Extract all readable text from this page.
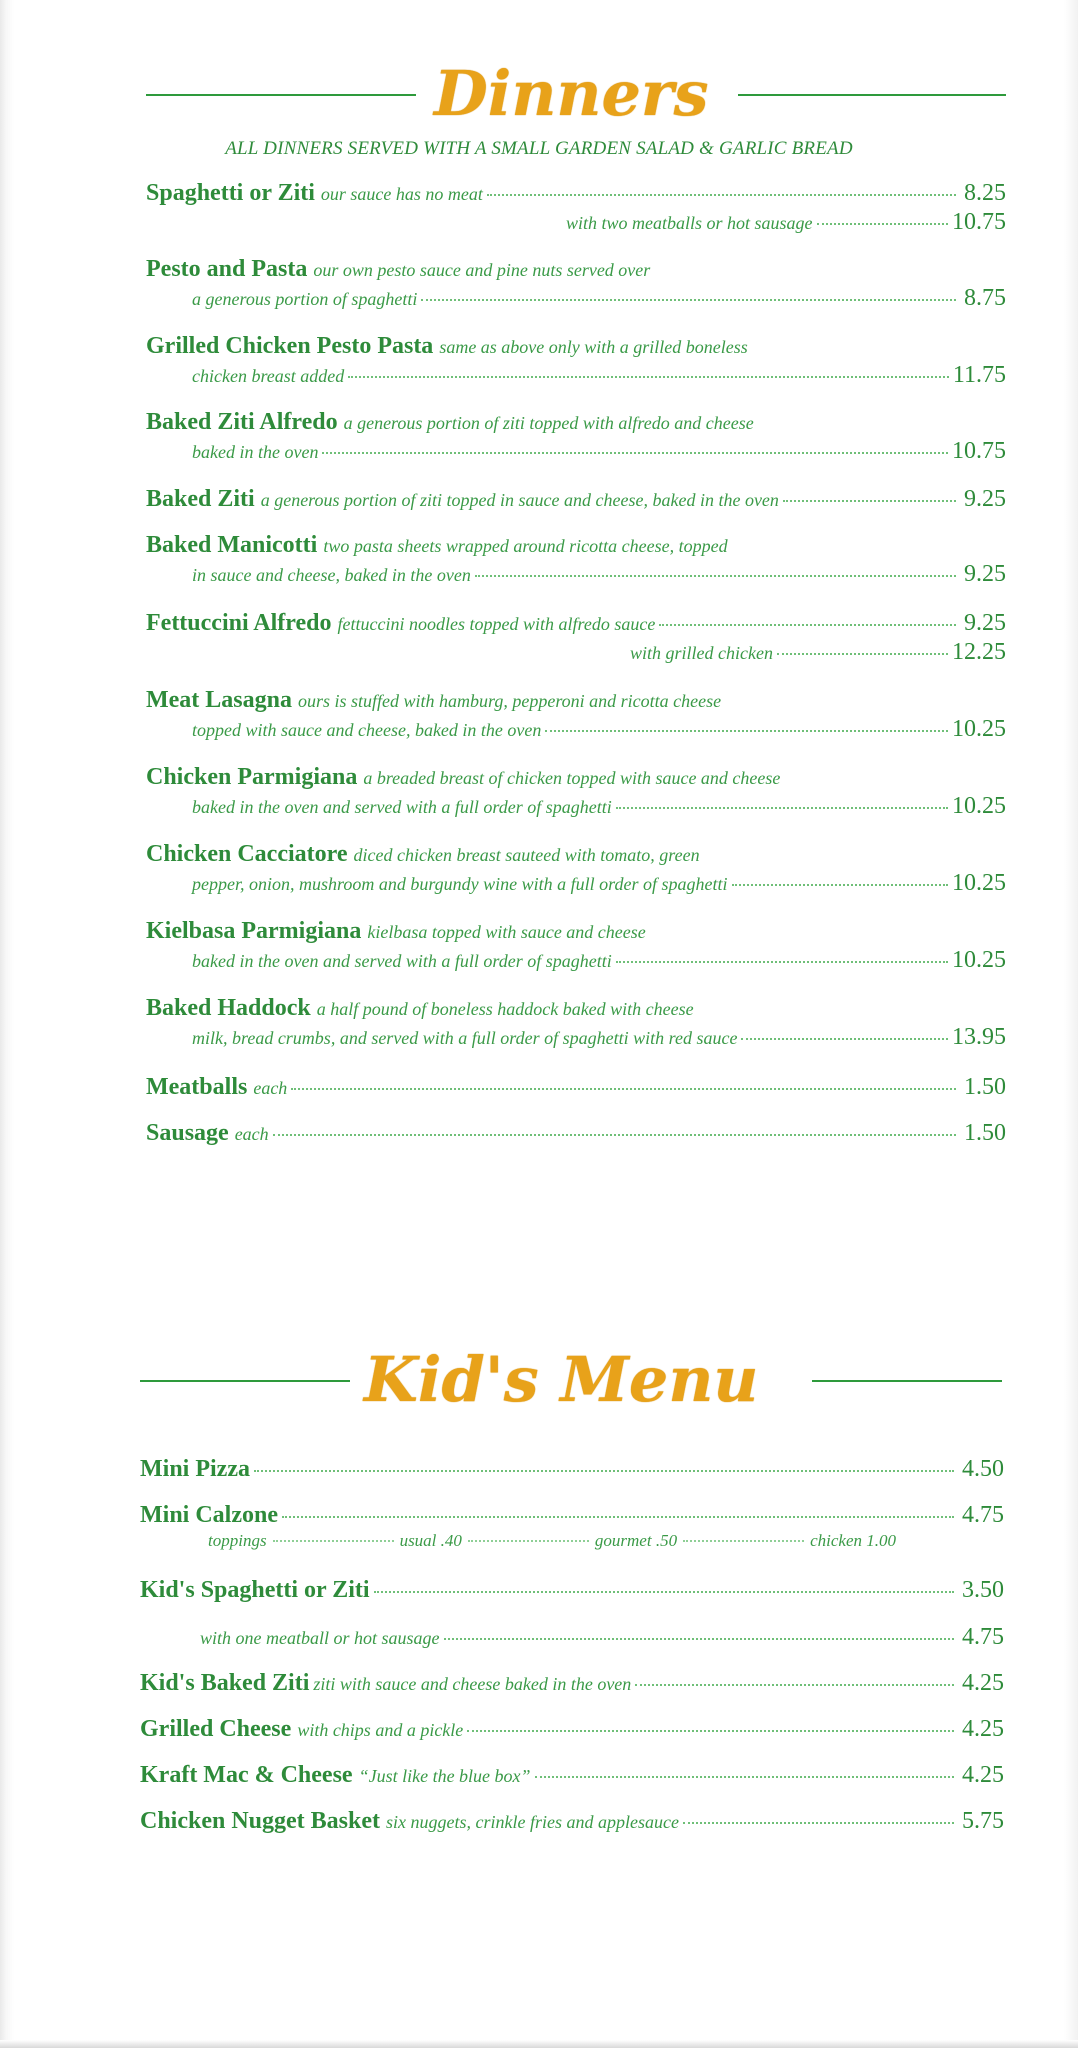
Dinners
ALL DINNERS SERVED WITH A SMALL GARDEN SALAD & GARLIC BREAD
Spaghetti or Ziti our sauce has no meat	8.25
with two meatballs or hot sausage	10.75
Pesto and Pasta our own pesto sauce and pine nuts served over
a generous portion of spaghetti	8.75
Grilled Chicken Pesto Pasta same as above only with a grilled boneless
chicken breast added	11.75
Baked Ziti Alfredo a generous portion of ziti topped with alfredo and cheese
baked in the oven	10.75
Baked Ziti a generous portion of ziti topped in sauce and cheese, baked in the oven	9.25
Baked Manicotti two pasta sheets wrapped around ricotta cheese, topped
in sauce and cheese, baked in the oven	9.25
Fettuccini Alfredo fettuccini noodles topped with alfredo sauce	9.25
with grilled chicken	12.25
Meat Lasagna ours is stuffed with hamburg, pepperoni and ricotta cheese
topped with sauce and cheese, baked in the oven	10.25
Chicken Parmigiana a breaded breast of chicken topped with sauce and cheese
baked in the oven and served with a full order of spaghetti	10.25
Chicken Cacciatore diced chicken breast sauteed with tomato, green
pepper, onion, mushroom and burgundy wine with a full order of spaghetti	10.25
Kielbasa Parmigiana kielbasa topped with sauce and cheese
baked in the oven and served with a full order of spaghetti	10.25
Baked Haddock a half pound of boneless haddock baked with cheese
milk, bread crumbs, and served with a full order of spaghetti with red sauce	13.95
Meatballs each	1.50
Sausage each	1.50
Kid's Menu
Mini Pizza	4.50
Mini Calzone	4.75
toppings	usual .40	gourmet .50	chicken 1.00
Kid's Spaghetti or Ziti	3.50
with one meatball or hot sausage	4.75
Kid's Baked Ziti ziti with sauce and cheese baked in the oven	4.25
Grilled Cheese with chips and a pickle	4.25
Kraft Mac & Cheese “Just like the blue box”	4.25
Chicken Nugget Basket six nuggets, crinkle fries and applesauce	5.75
